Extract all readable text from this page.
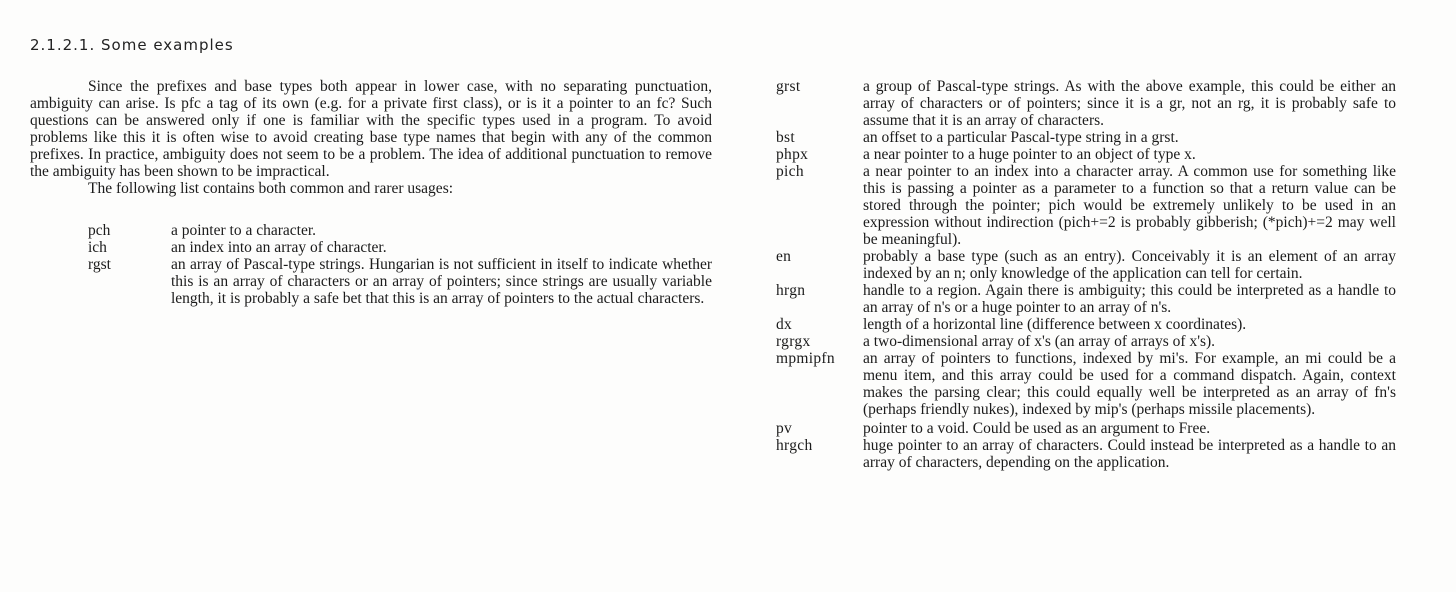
2.1.2.1. Some examples

Since the prefixes and base types both appear in lower case, with no separating punctuation, ambiguity can arise. Is pfc a tag of its own (e.g. for a private first class), or is it a pointer to an fc? Such questions can be answered only if one is familiar with the specific types used in a program. To avoid problems like this it is often wise to avoid creating base type names that begin with any of the common prefixes. In practice, ambiguity does not seem to be a problem. The idea of additional punctuation to remove the ambiguity has been shown to be impractical.

The following list contains both common and rarer usages:

pch	a pointer to a character.
ich	an index into an array of character.
rgst	an array of Pascal-type strings. Hungarian is not sufficient in itself to indicate whether this is an array of characters or an array of pointers; since strings are usually variable length, it is probably a safe bet that this is an array of pointers to the actual characters.
grst	a group of Pascal-type strings. As with the above example, this could be either an array of characters or of pointers; since it is a gr, not an rg, it is probably safe to assume that it is an array of characters.
bst	an offset to a particular Pascal-type string in a grst.
phpx	a near pointer to a huge pointer to an object of type x.
pich	a near pointer to an index into a character array. A common use for something like this is passing a pointer as a parameter to a function so that a return value can be stored through the pointer; pich would be extremely unlikely to be used in an expression without indirection (pich+=2 is probably gibberish; (*pich)+=2 may well be meaningful).
en	probably a base type (such as an entry). Conceivably it is an element of an array indexed by an n; only knowledge of the application can tell for certain.
hrgn	handle to a region. Again there is ambiguity; this could be interpreted as a handle to an array of n's or a huge pointer to an array of n's.
dx	length of a horizontal line (difference between x coordinates).
rgrgx	a two-dimensional array of x's (an array of arrays of x's).
mpmipfn	an array of pointers to functions, indexed by mi's. For example, an mi could be a menu item, and this array could be used for a command dispatch. Again, context makes the parsing clear; this could equally well be interpreted as an array of fn's (perhaps friendly nukes), indexed by mip's (perhaps missile placements).
pv	pointer to a void. Could be used as an argument to Free.
hrgch	huge pointer to an array of characters. Could instead be interpreted as a handle to an array of characters, depending on the application.
